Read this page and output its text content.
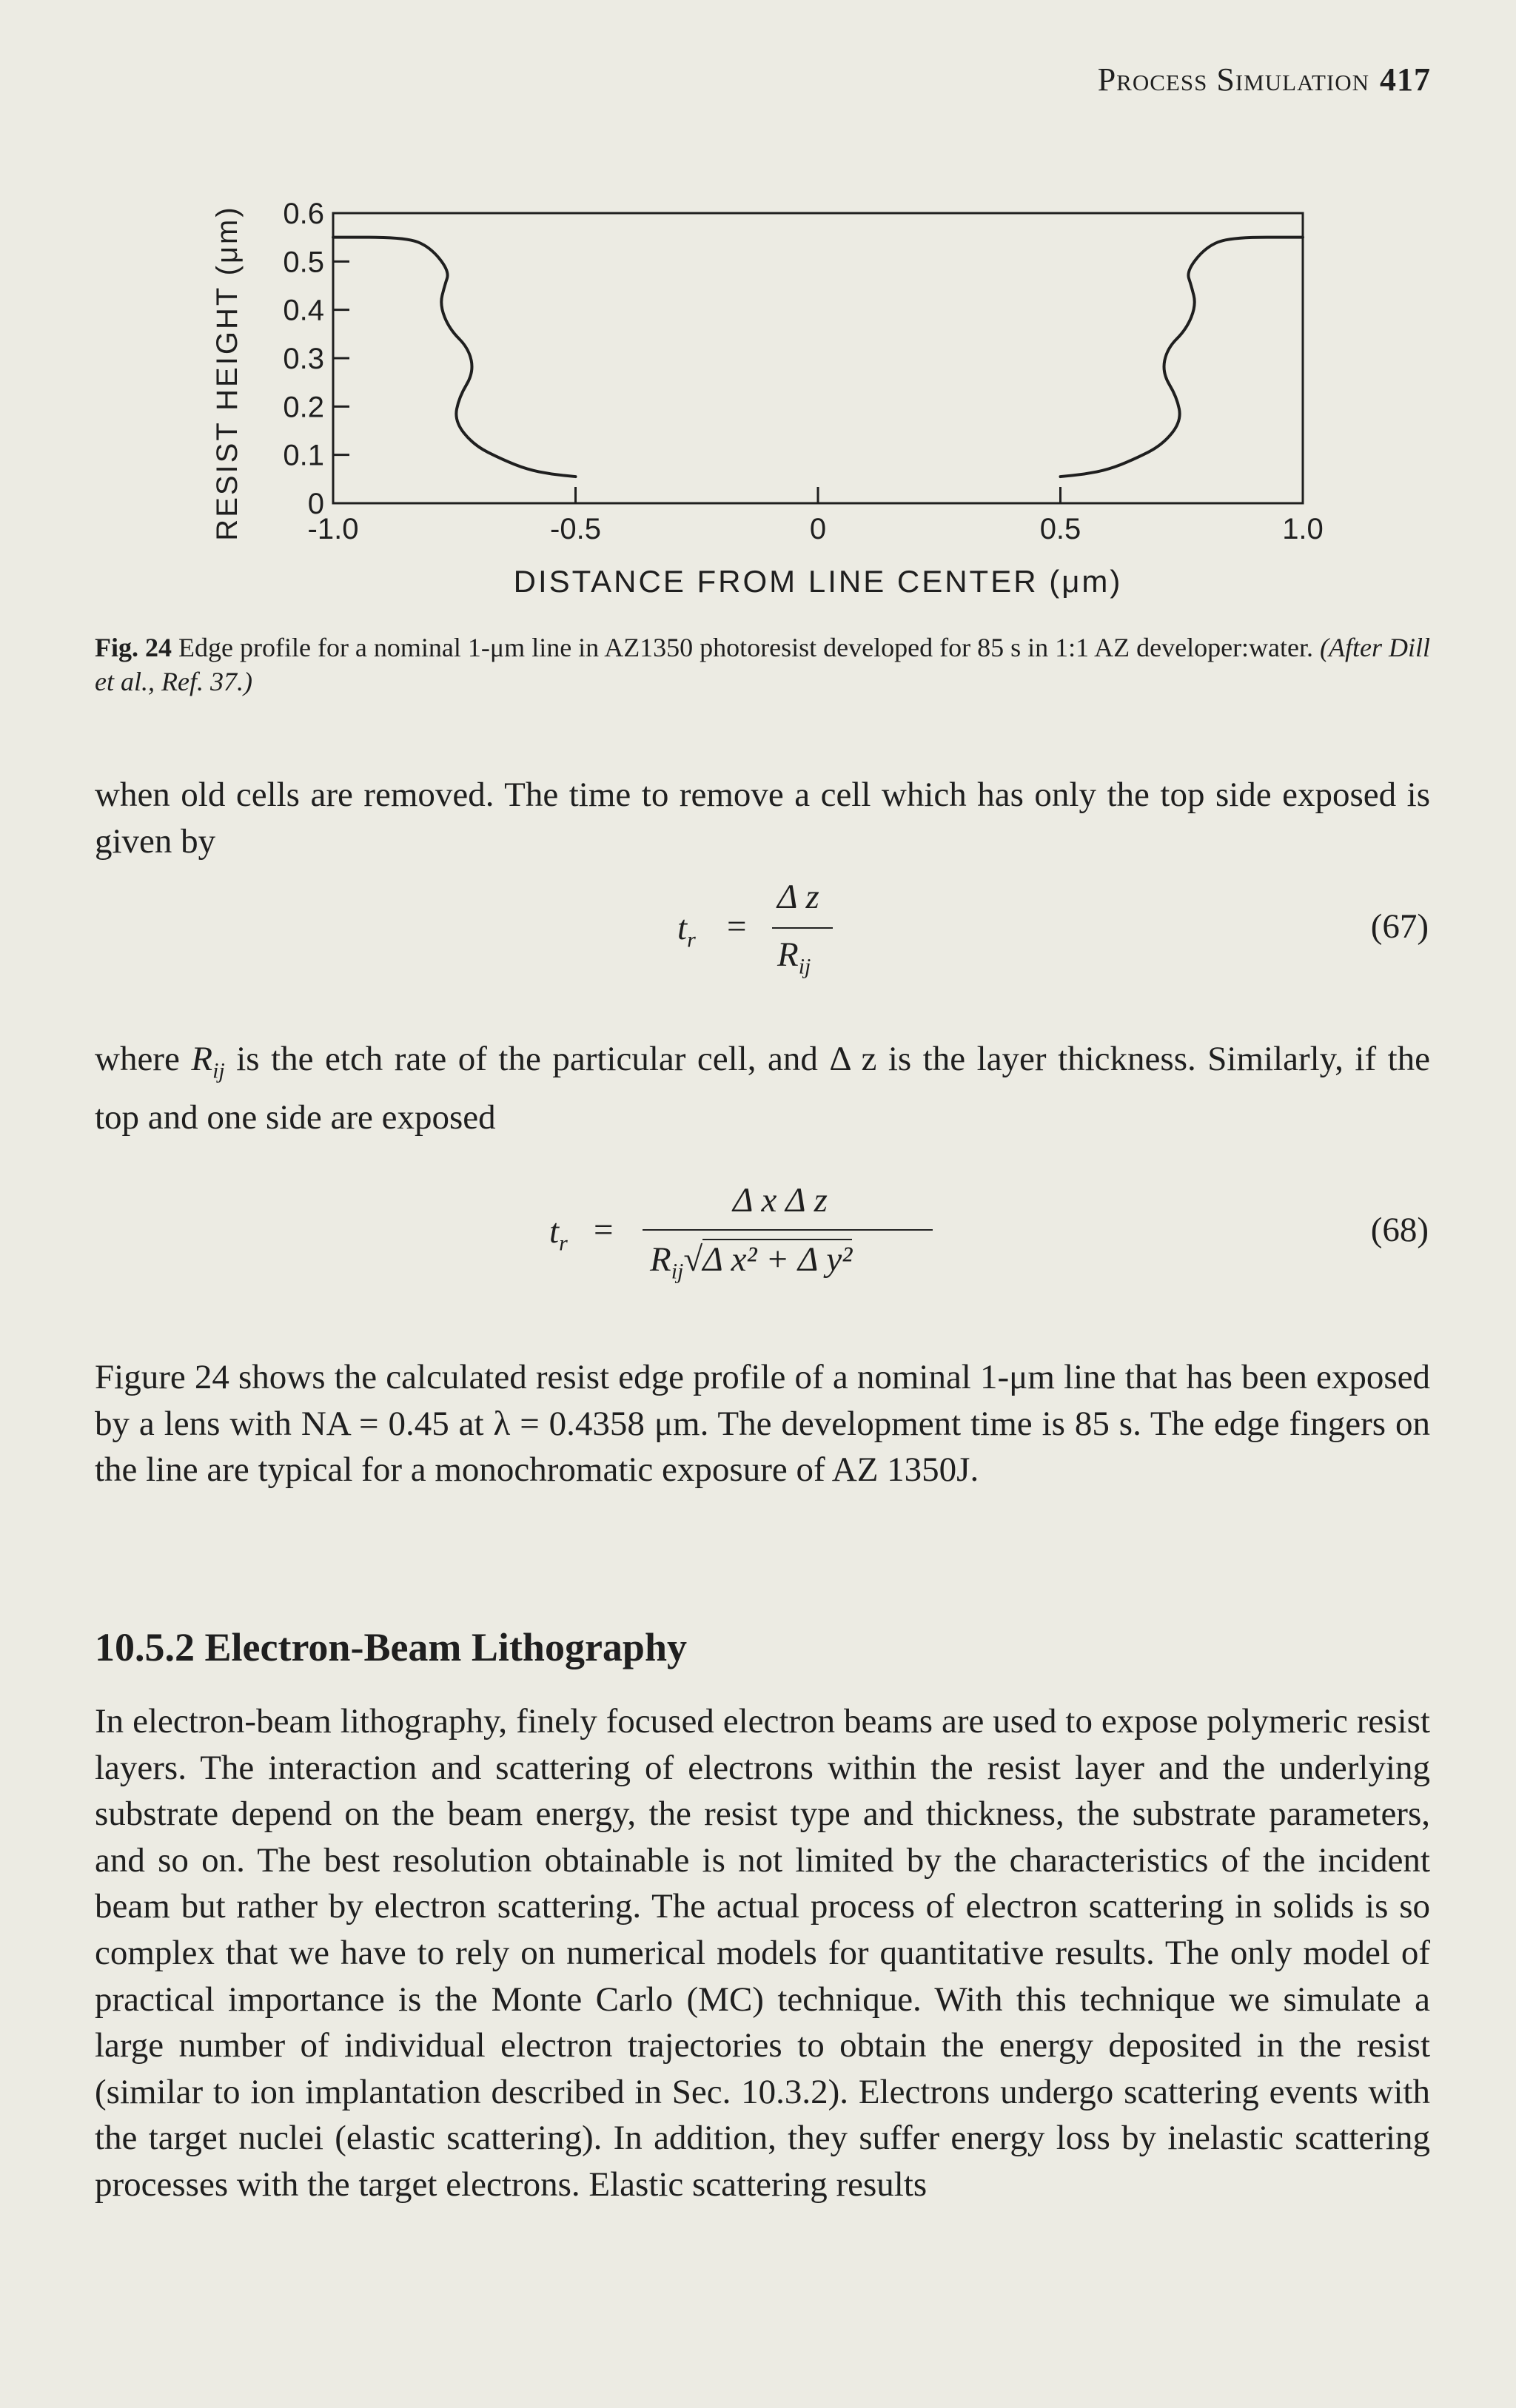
Process Simulation 417
0
0.1
0.2
0.3
0.4
0.5
0.6
-1.0	-0.5	0	0.5	1.0
DISTANCE FROM LINE CENTER (μm)
RESIST HEIGHT (μm)
Fig. 24 Edge profile for a nominal 1-μm line in AZ1350 photoresist developed for 85 s in 1:1 AZ developer:water. (After Dill et al., Ref. 37.)
when old cells are removed. The time to remove a cell which has only the top side exposed is given by
$t_r$ =
Δ z
$R_{ij}$
(67)
where $R_{ij}$ is the etch rate of the particular cell, and Δ z is the layer thickness. Similarly, if the top and one side are exposed
$t_r$ =
Δ x Δ z
$R_{ij}√\Delta$ x² + Δ y²
(68)
Figure 24 shows the calculated resist edge profile of a nominal 1-μm line that has been exposed by a lens with NA = 0.45 at λ = 0.4358 μm. The development time is 85 s. The edge fingers on the line are typical for a monochromatic exposure of AZ 1350J.
10.5.2 Electron-Beam Lithography
In electron-beam lithography, finely focused electron beams are used to expose polymeric resist layers. The interaction and scattering of electrons within the resist layer and the underlying substrate depend on the beam energy, the resist type and thickness, the substrate parameters, and so on. The best resolution obtainable is not limited by the characteristics of the incident beam but rather by electron scattering. The actual process of electron scattering in solids is so complex that we have to rely on numerical models for quantitative results. The only model of practical importance is the Monte Carlo (MC) technique. With this technique we simulate a large number of individual electron trajectories to obtain the energy deposited in the resist (similar to ion implantation described in Sec. 10.3.2). Electrons undergo scattering events with the target nuclei (elastic scattering). In addition, they suffer energy loss by inelastic scattering processes with the target electrons. Elastic scattering results
